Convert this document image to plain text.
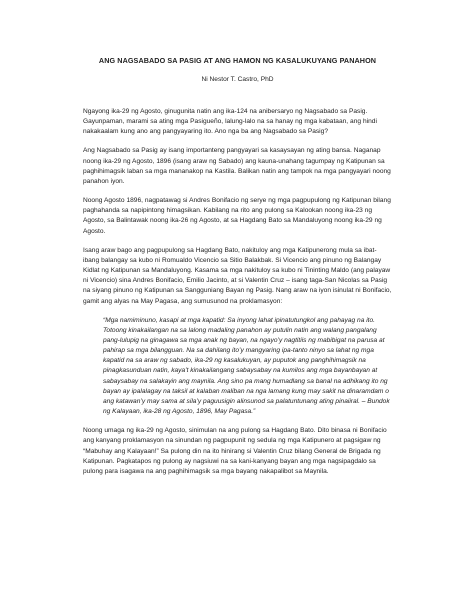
ANG NAGSABADO SA PASIG AT ANG HAMON NG KASALUKUYANG PANAHON

Ni Nestor T. Castro, PhD

Ngayong ika-29 ng Agosto, ginugunita natin ang ika-124 na anibersaryo ng Nagsabado sa Pasig. Gayunpaman, marami sa ating mga Pasigueño, lalung-lalo na sa hanay ng mga kabataan, ang hindi nakakaalam kung ano ang pangyayaring ito. Ano nga ba ang Nagsabado sa Pasig?

Ang Nagsabado sa Pasig ay isang importanteng pangyayari sa kasaysayan ng ating bansa. Naganap noong ika-29 ng Agosto, 1896 (isang araw ng Sabado) ang kauna-unahang tagumpay ng Katipunan sa paghihimagsik laban sa mga mananakop na Kastila. Balikan natin ang tampok na mga pangyayari noong panahon iyon.

Noong Agosto 1896, nagpatawag si Andres Bonifacio ng serye ng mga pagpupulong ng Katipunan bilang paghahanda sa napipintong himagsikan. Kabilang na rito ang pulong sa Kalookan noong ika-23 ng Agosto, sa Balintawak noong ika-26 ng Agosto, at sa Hagdang Bato sa Mandaluyong noong ika-29 ng Agosto.

Isang araw bago ang pagpupulong sa Hagdang Bato, nakituloy ang mga Katipunerong mula sa ibat-ibang balangay sa kubo ni Romualdo Vicencio sa Sitio Balakbak. Si Vicencio ang pinuno ng Balangay Kidlat ng Katipunan sa Mandaluyong. Kasama sa mga nakituloy sa kubo ni Tininting Maldo (ang palayaw ni Vicencio) sina Andres Bonifacio, Emilio Jacinto, at si Valentin Cruz – isang taga-San Nicolas sa Pasig na siyang pinuno ng Katipunan sa Sangguniang Bayan ng Pasig. Nang araw na iyon isinulat ni Bonifacio, gamit ang alyas na May Pagasa, ang sumusunod na proklamasyon:

“Mga namiminuno, kasapi at mga kapatid: Sa inyong lahat ipinatutungkol ang pahayag na ito. Totoong kinakailangan na sa lalong madaling panahon ay putulin natin ang walang pangalang pang-lulupig na ginagawa sa mga anak ng bayan, na ngayo’y nagtitiis ng mabibigat na parusa at pahirap sa mga bilangguan. Na sa dahilang ito’y mangyaring ipa-tanto ninyo sa lahat ng mga kapatid na sa araw ng sabado, ika-29 ng kasalukuyan, ay puputok ang panghihimagsik na pinagkasunduan natin, kaya’t kinakailangang sabaysabay na kumilos ang mga bayanbayan at sabaysabay na salakayin ang maynila. Ang sino pa mang humadlang sa banal na adhikang ito ng bayan ay ipalalagay na taksil at kalaban maliban na nga lamang kung may sakit na dinaramdam o ang katawan’y may sama at sila’y paguusigin alinsunod sa palatuntunang ating pinaiiral. – Bundok ng Kalayaan, ika-28 ng Agosto, 1896, May Pagasa.”

Noong umaga ng ika-29 ng Agosto, sinimulan na ang pulong sa Hagdang Bato. Dito binasa ni Bonifacio ang kanyang proklamasyon na sinundan ng pagpupunit ng sedula ng mga Katipunero at pagsigaw ng “Mabuhay ang Kalayaan!” Sa pulong din na ito hinirang si Valentin Cruz bilang General de Brigada ng Katipunan. Pagkatapos ng pulong ay nagsiuwi na sa kani-kanyang bayan ang mga nagsipagdalo sa pulong para isagawa na ang paghihimagsik sa mga bayang nakapalibot sa Maynila.
